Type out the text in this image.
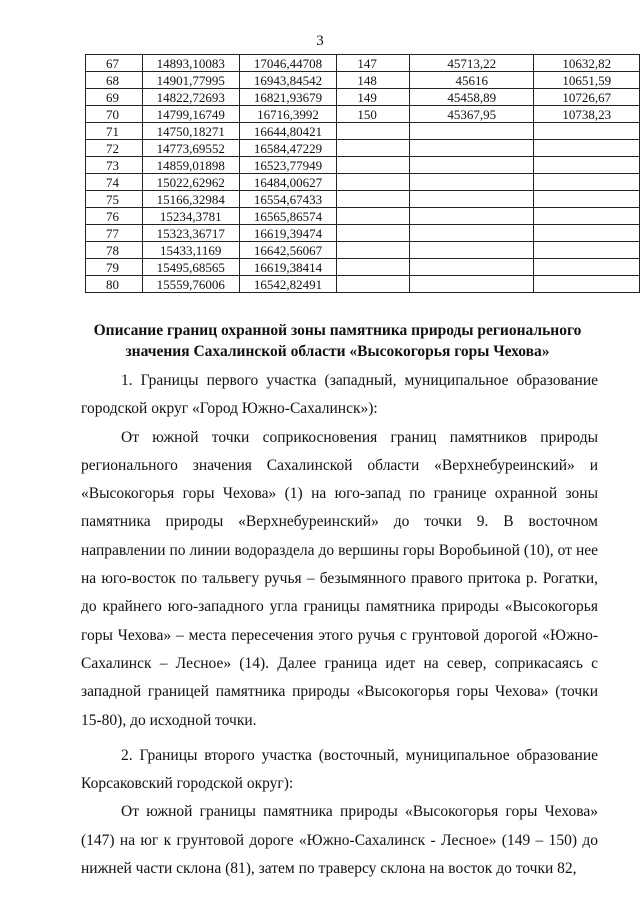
3
67	14893,10083	17046,44708	147	45713,22	10632,82
68	14901,77995	16943,84542	148	45616	10651,59
69	14822,72693	16821,93679	149	45458,89	10726,67
70	14799,16749	16716,3992	150	45367,95	10738,23
71	14750,18271	16644,80421			
72	14773,69552	16584,47229			
73	14859,01898	16523,77949			
74	15022,62962	16484,00627			
75	15166,32984	16554,67433			
76	15234,3781	16565,86574			
77	15323,36717	16619,39474			
78	15433,1169	16642,56067			
79	15495,68565	16619,38414			
80	15559,76006	16542,82491			
Описание границ охранной зоны памятника природы регионального значения Сахалинской области «Высокогорья горы Чехова»

1. Границы первого участка (западный, муниципальное образование городской округ «Город Южно-Сахалинск»):

От южной точки соприкосновения границ памятников природы регионального значения Сахалинской области «Верхнебуреинский» и «Высокогорья горы Чехова» (1) на юго-запад по границе охранной зоны памятника природы «Верхнебуреинский» до точки 9. В восточном направлении по линии водораздела до вершины горы Воробьиной (10), от нее на юго-восток по тальвегу ручья – безымянного правого притока р. Рогатки, до крайнего юго-западного угла границы памятника природы «Высокогорья горы Чехова» – места пересечения этого ручья с грунтовой дорогой «Южно-Сахалинск – Лесное» (14). Далее граница идет на север, соприкасаясь с западной границей памятника природы «Высокогорья горы Чехова» (точки 15-80), до исходной точки.

2. Границы второго участка (восточный, муниципальное образование Корсаковский городской округ):

От южной границы памятника природы «Высокогорья горы Чехова» (147) на юг к грунтовой дороге «Южно-Сахалинск - Лесное» (149 – 150) до нижней части склона (81), затем по траверсу склона на восток до точки 82,
